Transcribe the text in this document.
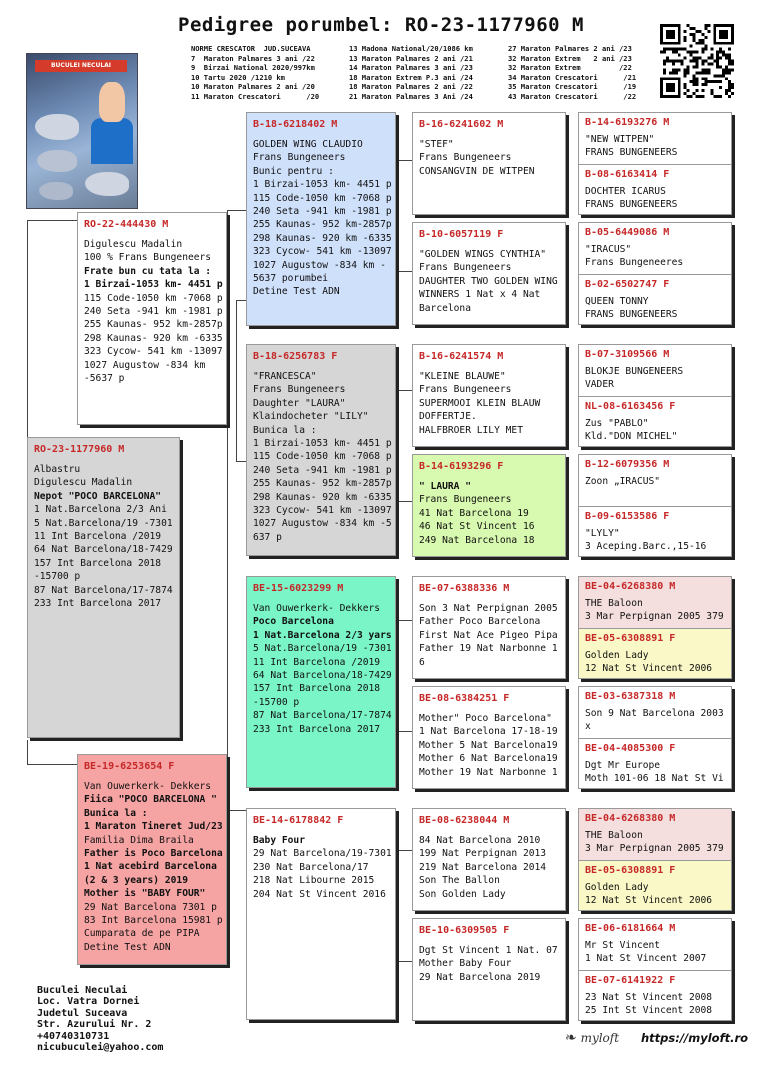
Pedigree porumbel: RO-23-1177960 M
NORME CRESCATOR  JUD.SUCEAVA
7  Maraton Palmares 3 ani /22
9  Birzai National 2020/997km
10 Tartu 2020 /1210 km
10 Maraton Palmares 2 ani /20
11 Maraton Crescatori      /20
13 Madona National/20/1086 km
13 Maraton Palmares 2 ani /21
14 Maraton Palmares 3 ani /23
18 Maraton Extrem P.3 ani /24
18 Maraton Palmares 2 ani /22
21 Maraton Palmares 3 Ani /24
27 Maraton Palmares 2 ani /23
32 Maraton Extrem   2 ani /23
32 Maraton Extrem         /22
34 Maraton Crescatori      /21
35 Maraton Crescatori      /19
43 Maraton Crescatori      /22
BUCULEI NECULAI
RO-23-1177960 M
Albastru
Digulescu Madalin
Nepot "POCO BARCELONA"
1 Nat.Barcelona 2/3 Ani
5 Nat.Barcelona/19 -7301
11 Int Barcelona /2019
64 Nat Barcelona/18-7429
157 Int Barcelona 2018
-15700 p
87 Nat Barcelona/17-7874
233 Int Barcelona 2017
RO-22-444430 M
Digulescu Madalin
100 % Frans Bungeneers
Frate bun cu tata la :
1 Birzai-1053 km- 4451 p
115 Code-1050 km -7068 p
240 Seta -941 km -1981 p
255 Kaunas- 952 km-2857p
298 Kaunas- 920 km -6335
323 Cycow- 541 km -13097
1027 Augustow -834 km
-5637 p
BE-19-6253654 F
Van Ouwerkerk- Dekkers
Fiica "POCO BARCELONA "
Bunica la :
1 Maraton Tineret Jud/23
Familia Dima Braila
Father is Poco Barcelona
1 Nat acebird Barcelona
(2 & 3 years) 2019
Mother is "BABY FOUR"
29 Nat Barcelona 7301 p
83 Int Barcelona 15981 p
Cumparata de pe PIPA
Detine Test ADN
B-18-6218402 M
GOLDEN WING CLAUDIO
Frans Bungeneers
Bunic pentru :
1 Birzai-1053 km- 4451 p
115 Code-1050 km -7068 p
240 Seta -941 km -1981 p
255 Kaunas- 952 km-2857p
298 Kaunas- 920 km -6335
323 Cycow- 541 km -13097
1027 Augustow -834 km -
5637 porumbei
Detine Test ADN
B-18-6256783 F
"FRANCESCA"
Frans Bungeneers
Daughter "LAURA"
Klaindocheter "LILY"
Bunica la :
1 Birzai-1053 km- 4451 p
115 Code-1050 km -7068 p
240 Seta -941 km -1981 p
255 Kaunas- 952 km-2857p
298 Kaunas- 920 km -6335
323 Cycow- 541 km -13097
1027 Augustow -834 km -5
637 p
BE-15-6023299 M
Van Ouwerkerk- Dekkers
Poco Barcelona
1 Nat.Barcelona 2/3 yars
5 Nat.Barcelona/19 -7301
11 Int Barcelona /2019
64 Nat Barcelona/18-7429
157 Int Barcelona 2018
-15700 p
87 Nat Barcelona/17-7874
233 Int Barcelona 2017
BE-14-6178842 F
Baby Four
29 Nat Barcelona/19-7301
230 Nat Barcelona/17
218 Nat Libourne 2015
204 Nat St Vincent 2016
B-16-6241602 M
"STEF"
Frans Bungeneers
CONSANGVIN DE WITPEN
B-10-6057119 F
"GOLDEN WINGS CYNTHIA"
Frans Bungeneers
DAUGHTER TWO GOLDEN WING
WINNERS 1 Nat x 4 Nat
Barcelona
B-16-6241574 M
"KLEINE BLAUWE"
Frans Bungeneers
SUPERMOOI KLEIN BLAUW
DOFFERTJE.
HALFBROER LILY MET
B-14-6193296 F
" LAURA "
Frans Bungeneers
41 Nat Barcelona 19
46 Nat St Vincent 16
249 Nat Barcelona 18
BE-07-6388336 M
Son 3 Nat Perpignan 2005
Father Poco Barcelona
First Nat Ace Pigeo Pipa
Father 19 Nat Narbonne 1
6
BE-08-6384251 F
Mother" Poco Barcelona"
1 Nat Barcelona 17-18-19
Mother 5 Nat Barcelona19
Mother 6 Nat Barcelona19
Mother 19 Nat Narbonne 1
BE-08-6238044 M
84 Nat Barcelona 2010
199 Nat Perpignan 2013
219 Nat Barcelona 2014
Son The Ballon
Son Golden Lady
BE-10-6309505 F
Dgt St Vincent 1 Nat. 07
Mother Baby Four
29 Nat Barcelona 2019
B-14-6193276 M
"NEW WITPEN"
FRANS BUNGENEERS
B-08-6163414 F
DOCHTER ICARUS
FRANS BUNGENEERS
B-05-6449086 M
"IRACUS"
Frans Bungeneeres
B-02-6502747 F
QUEEN TONNY
FRANS BUNGENEERS
B-07-3109566 M
BLOKJE BUNGENEERS
VADER
NL-08-6163456 F
Zus "PABLO"
Kld."DON MICHEL"
B-12-6079356 M
Zoon „IRACUS"
B-09-6153586 F
"LYLY"
3 Aceping.Barc.,15-16
BE-04-6268380 M
THE Baloon
3 Mar Perpignan 2005 379
BE-05-6308891 F
Golden Lady
12 Nat St Vincent 2006
BE-03-6387318 M
Son 9 Nat Barcelona 2003
x
BE-04-4085300 F
Dgt Mr Europe
Moth 101-06 18 Nat St Vi
BE-04-6268380 M
THE Baloon
3 Mar Perpignan 2005 379
BE-05-6308891 F
Golden Lady
12 Nat St Vincent 2006
BE-06-6181664 M
Mr St Vincent
1 Nat St Vincent 2007
BE-07-6141922 F
23 Nat St Vincent 2008
25 Int St Vincent 2008
Buculei Neculai
Loc. Vatra Dornei
Judetul Suceava
Str. Azurului Nr. 2
+40740310731
nicubuculei@yahoo.com
❧ myloft https://myloft.ro
